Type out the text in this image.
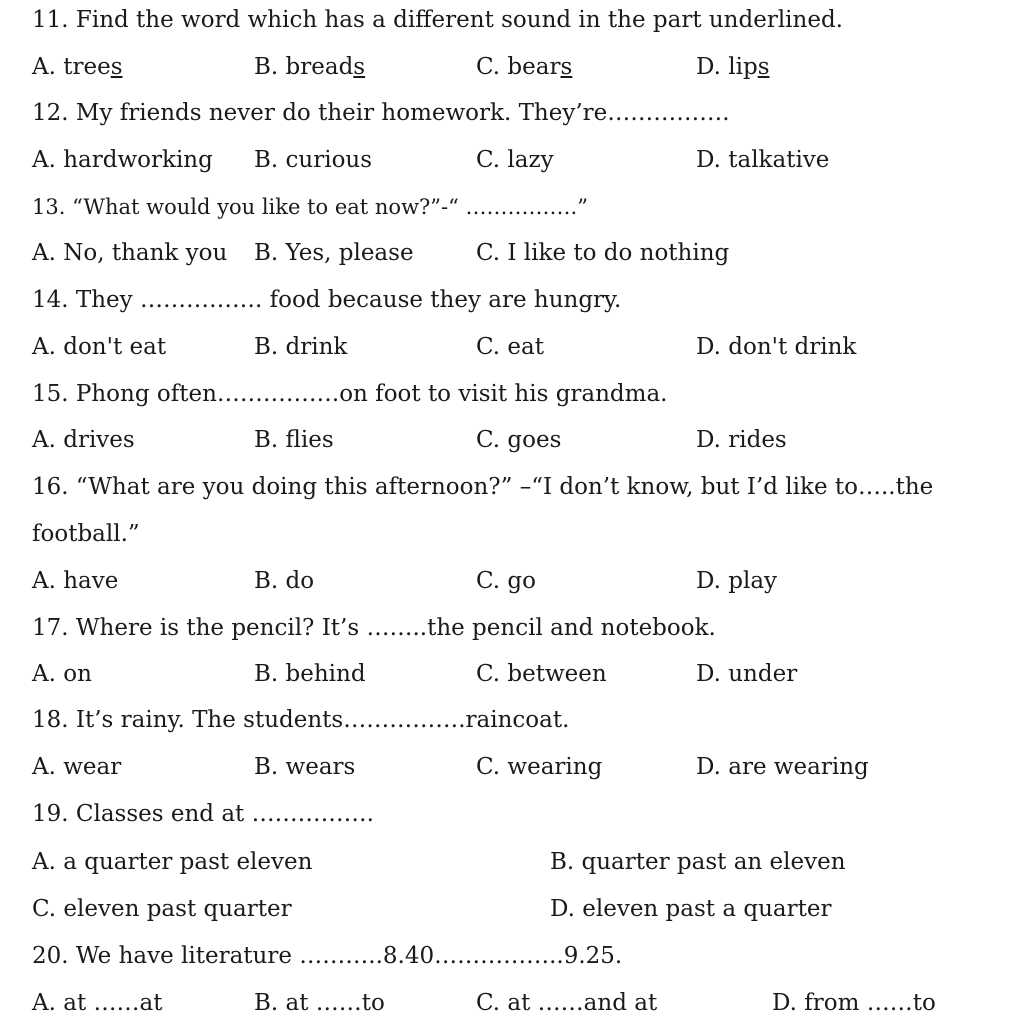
11. Find the word which has a different sound in the part underlined.
A. trees	B. breads	C. bears	D. lips
12. My friends never do their homework. They’re…………….
A. hardworking B. curious	C. lazy	D. talkative
13. “What would you like to eat now?”-“ …………….”
A. No, thank you B. Yes, please	C. I like to do nothing
14. They ……………. food because they are hungry.
A. don't eat	B. drink	C. eat	D. don't drink
15. Phong often…………….on foot to visit his grandma.
A. drives	B. flies	C. goes	D. rides
16. “What are you doing this afternoon?” –“I don’t know, but I’d like to…..the
football.”
A. have	B. do	C. go	D. play
17. Where is the pencil? It’s ……..the pencil and notebook.
A. on	B. behind	C. between	D. under
18. It’s rainy. The students…………….raincoat.
A. wear	B. wears	C. wearing	D. are wearing
19. Classes end at …………….
A. a quarter past eleven	B. quarter past an eleven
C. eleven past quarter	D. eleven past a quarter
20. We have literature ………..8.40……………..9.25.
A. at ……at	B. at ……to	C. at ……and at	D. from ……to
